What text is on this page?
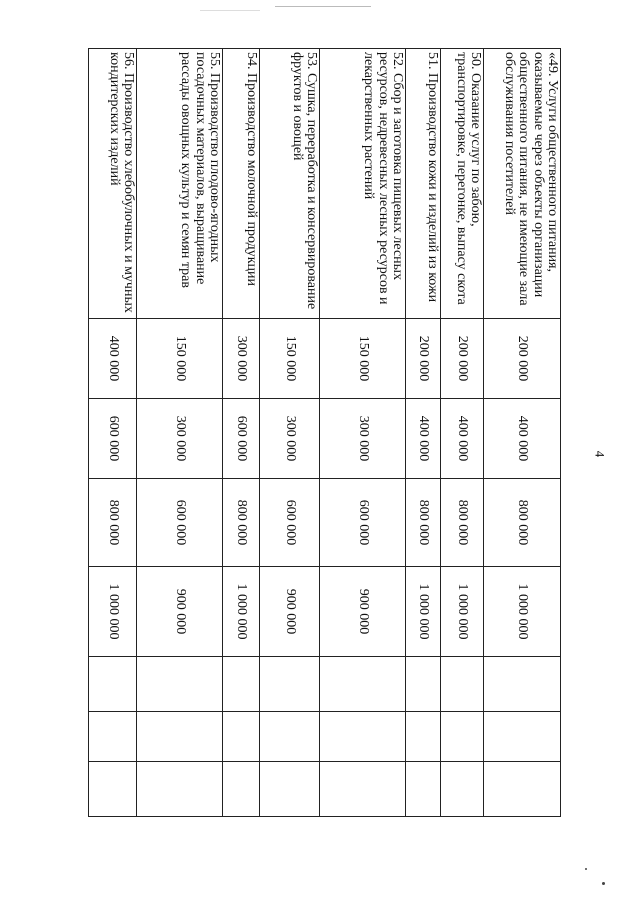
4
«49. Услуги общественного питания, оказываемые через объекты организации общественного питания, не имеющие зала обслуживания посетителей	200 000	400 000	800 000	1 000 000			
50. Оказание услуг по забою, транспортировке, перегонке, выпасу скота	200 000	400 000	800 000	1 000 000			
51. Производство кожи и изделий из кожи	200 000	400 000	800 000	1 000 000			
52. Сбор и заготовка пищевых лесных ресурсов, недревесных лесных ресурсов и лекарственных растений	150 000	300 000	600 000	900 000			
53. Сушка, переработка и консервирование фруктов и овощей	150 000	300 000	600 000	900 000			
54. Производство молочной продукции	300 000	600 000	800 000	1 000 000			
55. Производство плодово-ягодных посадочных материалов, выращивание рассады овощных культур и семян трав	150 000	300 000	600 000	900 000			
56. Производство хлебобулочных и мучных кондитерских изделий	400 000	600 000	800 000	1 000 000			
